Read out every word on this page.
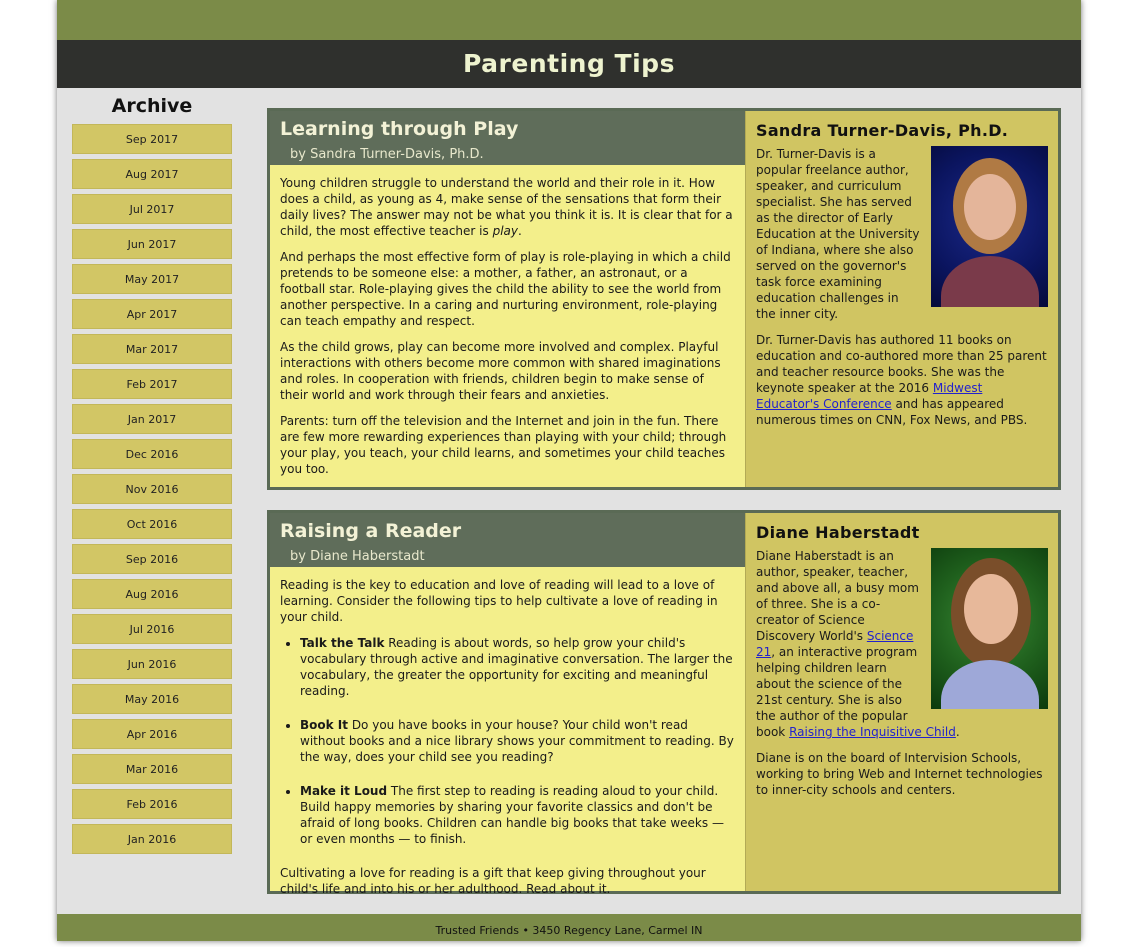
Parenting Tips
Archive
Sep 2017
Aug 2017
Jul 2017
Jun 2017
May 2017
Apr 2017
Mar 2017
Feb 2017
Jan 2017
Dec 2016
Nov 2016
Oct 2016
Sep 2016
Aug 2016
Jul 2016
Jun 2016
May 2016
Apr 2016
Mar 2016
Feb 2016
Jan 2016
Learning through Play
by Sandra Turner-Davis, Ph.D.

Young children struggle to understand the world and their role in it. How does a child, as young as 4, make sense of the sensations that form their daily lives? The answer may not be what you think it is. It is clear that for a child, the most effective teacher is play.

And perhaps the most effective form of play is role-playing in which a child pretends to be someone else: a mother, a father, an astronaut, or a football star. Role-playing gives the child the ability to see the world from another perspective. In a caring and nurturing environment, role-playing can teach empathy and respect.

As the child grows, play can become more involved and complex. Playful interactions with others become more common with shared imaginations and roles. In cooperation with friends, children begin to make sense of their world and work through their fears and anxieties.

Parents: turn off the television and the Internet and join in the fun. There are few more rewarding experiences than playing with your child; through your play, you teach, your child learns, and sometimes your child teaches you too.

Sandra Turner-Davis, Ph.D.

Dr. Turner-Davis is a popular freelance author, speaker, and curriculum specialist. She has served as the director of Early Education at the University of Indiana, where she also served on the governor's task force examining education challenges in the inner city.

Dr. Turner-Davis has authored 11 books on education and co-authored more than 25 parent and teacher resource books. She was the keynote speaker at the 2016 Midwest Educator's Conference and has appeared numerous times on CNN, Fox News, and PBS.

Raising a Reader
by Diane Haberstadt

Reading is the key to education and love of reading will lead to a love of learning. Consider the following tips to help cultivate a love of reading in your child.

• Talk the Talk Reading is about words, so help grow your child's vocabulary through active and imaginative conversation. The larger the vocabulary, the greater the opportunity for exciting and meaningful reading.
• Book It Do you have books in your house? Your child won't read without books and a nice library shows your commitment to reading. By the way, does your child see you reading?
• Make it Loud The first step to reading is reading aloud to your child. Build happy memories by sharing your favorite classics and don't be afraid of long books. Children can handle big books that take weeks — or even months — to finish.

Cultivating a love for reading is a gift that keep giving throughout your child's life and into his or her adulthood. Read about it.

Diane Haberstadt

Diane Haberstadt is an author, speaker, teacher, and above all, a busy mom of three. She is a co-creator of Science Discovery World's Science 21, an interactive program helping children learn about the science of the 21st century. She is also the author of the popular book Raising the Inquisitive Child.

Diane is on the board of Intervision Schools, working to bring Web and Internet technologies to inner-city schools and centers.

Trusted Friends • 3450 Regency Lane, Carmel IN
